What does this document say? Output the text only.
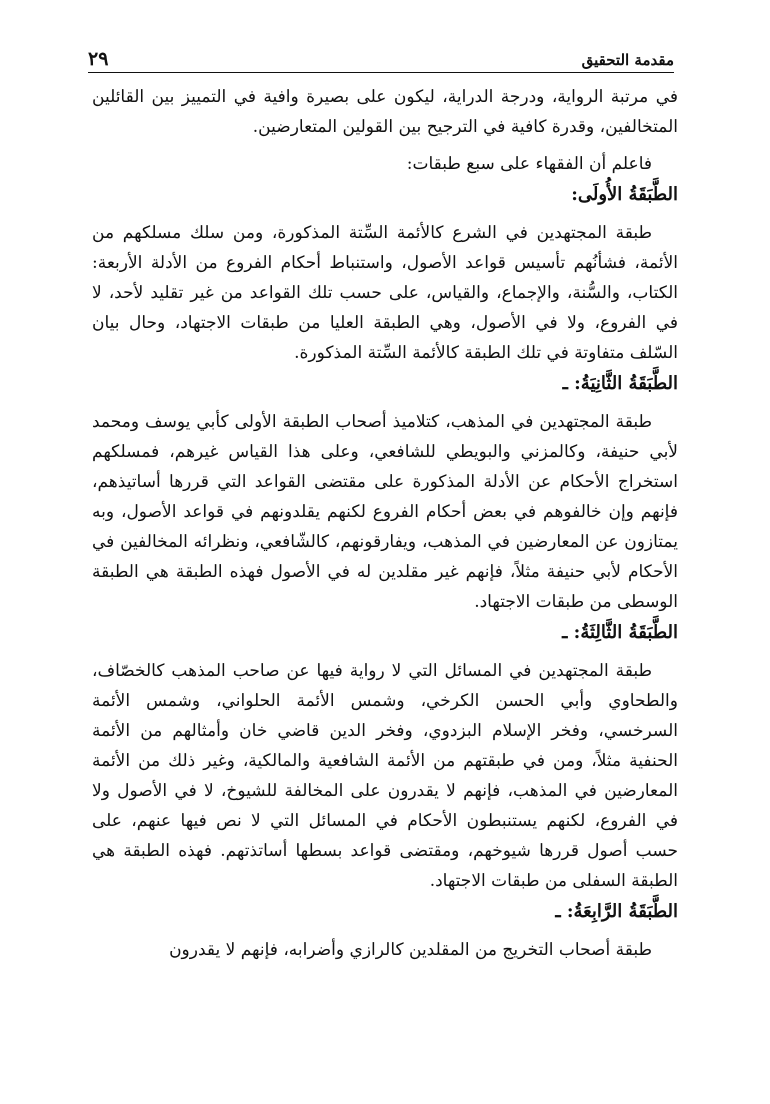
مقدمة التحقيق
٢٩

في مرتبة الرواية، ودرجة الدراية، ليكون على بصيرة وافية في التمييز بين القائلين المتخالفين، وقدرة كافية في الترجيح بين القولين المتعارضين.

فاعلم أن الفقهاء على سبع طبقات:

الطَّبَقَةُ الأُولَى:

طبقة المجتهدين في الشرع كالأئمة السِّتة المذكورة، ومن سلك مسلكهم من الأئمة، فشأنُهم تأسيس قواعد الأصول، واستنباط أحكام الفروع من الأدلة الأربعة: الكتاب، والسُّنة، والإجماع، والقياس، على حسب تلك القواعد من غير تقليد لأحد، لا في الفروع، ولا في الأصول، وهي الطبقة العليا من طبقات الاجتهاد، وحال بيان السّلف متفاوتة في تلك الطبقة كالأئمة السِّتة المذكورة.

الطَّبَقَةُ الثَّانِيَةُ: ـ

طبقة المجتهدين في المذهب، كتلاميذ أصحاب الطبقة الأولى كأبي يوسف ومحمد لأبي حنيفة، وكالمزني والبويطي للشافعي، وعلى هذا القياس غيرهم، فمسلكهم استخراج الأحكام عن الأدلة المذكورة على مقتضى القواعد التي قررها أساتيذهم، فإنهم وإن خالفوهم في بعض أحكام الفروع لكنهم يقلدونهم في قواعد الأصول، وبه يمتازون عن المعارضين في المذهب، ويفارقونهم، كالشّافعي، ونظرائه المخالفين في الأحكام لأبي حنيفة مثلاً، فإنهم غير مقلدين له في الأصول فهذه الطبقة هي الطبقة الوسطى من طبقات الاجتهاد.

الطَّبَقَةُ الثَّالِثَةُ: ـ

طبقة المجتهدين في المسائل التي لا رواية فيها عن صاحب المذهب كالخصّاف، والطحاوي وأبي الحسن الكرخي، وشمس الأئمة الحلواني، وشمس الأئمة السرخسي، وفخر الإسلام البزدوي، وفخر الدين قاضي خان وأمثالهم من الأئمة الحنفية مثلاً، ومن في طبقتهم من الأئمة الشافعية والمالكية، وغير ذلك من الأئمة المعارضين في المذهب، فإنهم لا يقدرون على المخالفة للشيوخ، لا في الأصول ولا في الفروع، لكنهم يستنبطون الأحكام في المسائل التي لا نص فيها عنهم، على حسب أصول قررها شيوخهم، ومقتضى قواعد بسطها أساتذتهم. فهذه الطبقة هي الطبقة السفلى من طبقات الاجتهاد.

الطَّبَقَةُ الرَّابِعَةُ: ـ

طبقة أصحاب التخريج من المقلدين كالرازي وأضرابه، فإنهم لا يقدرون
